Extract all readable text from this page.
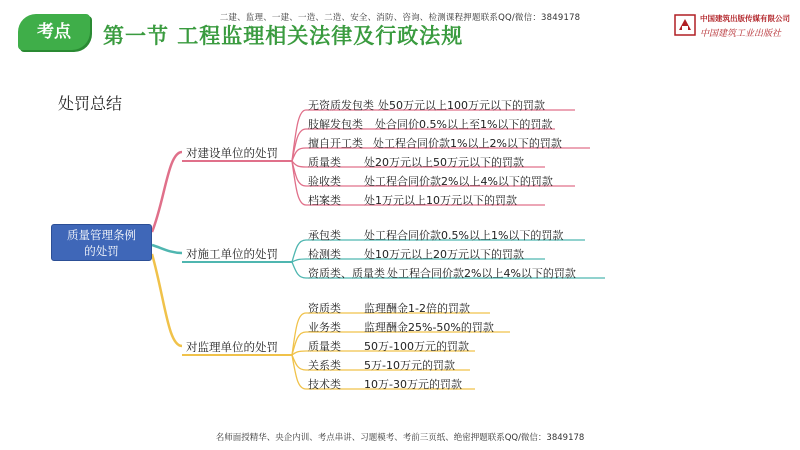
二建、监理、一建、一造、二造、安全、消防、咨询、检测课程押题联系QQ/微信：3849178
考点	第一节 工程监理相关法律及行政法规
中国建筑出版传媒有限公司
中国建筑工业出版社
处罚总结
质量管理条例
的处罚
对建设单位的处罚
对施工单位的处罚
对监理单位的处罚
无资质发包类 处50万元以上100万元以下的罚款
肢解发包类 处合同价0.5%以上至1%以下的罚款
擅自开工类 处工程合同价款1%以上2%以下的罚款
质量类 处20万元以上50万元以下的罚款
验收类 处工程合同价款2%以上4%以下的罚款
档案类 处1万元以上10万元以下的罚款
承包类 处工程合同价款0.5%以上1%以下的罚款
检测类 处10万元以上20万元以下的罚款
资质类、质量类 处工程合同价款2%以上4%以下的罚款
资质类 监理酬金1-2倍的罚款
业务类 监理酬金25%-50%的罚款
质量类 50万-100万元的罚款
关系类 5万-10万元的罚款
技术类 10万-30万元的罚款
名师面授精华、央企内训、考点串讲、习题模考、考前三页纸、绝密押题联系QQ/微信：3849178
